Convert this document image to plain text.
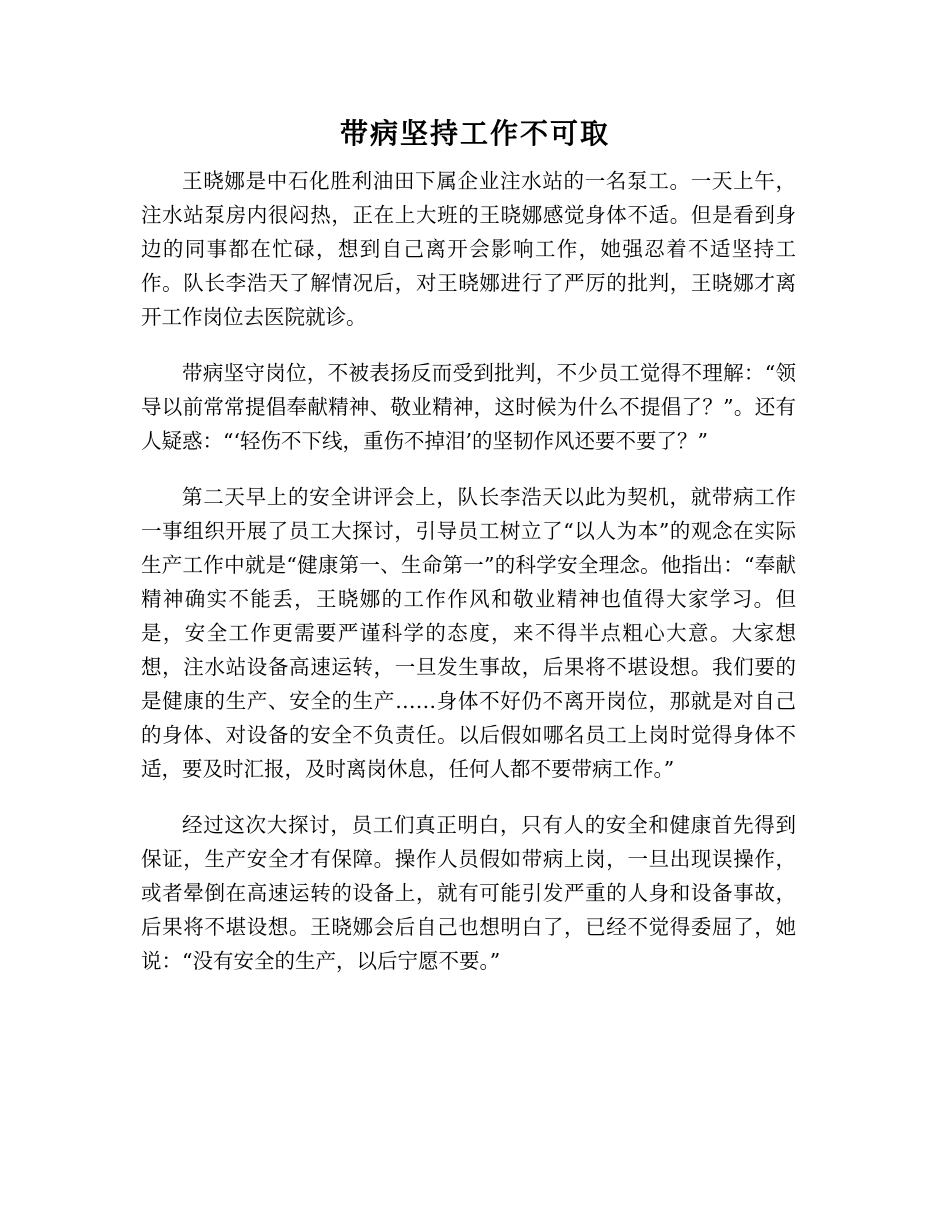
带病坚持工作不可取

王晓娜是中石化胜利油田下属企业注水站的一名泵工。一天上午，注水站泵房内很闷热，正在上大班的王晓娜感觉身体不适。但是看到身边的同事都在忙碌，想到自己离开会影响工作，她强忍着不适坚持工作。队长李浩天了解情况后，对王晓娜进行了严厉的批判，王晓娜才离开工作岗位去医院就诊。

带病坚守岗位，不被表扬反而受到批判，不少员工觉得不理解：“领导以前常常提倡奉献精神、敬业精神，这时候为什么不提倡了？”。还有人疑惑：“‘轻伤不下线，重伤不掉泪’的坚韧作风还要不要了？”

第二天早上的安全讲评会上，队长李浩天以此为契机，就带病工作一事组织开展了员工大探讨，引导员工树立了“以人为本”的观念在实际生产工作中就是“健康第一、生命第一”的科学安全理念。他指出：“奉献精神确实不能丢，王晓娜的工作作风和敬业精神也值得大家学习。但是，安全工作更需要严谨科学的态度，来不得半点粗心大意。大家想想，注水站设备高速运转，一旦发生事故，后果将不堪设想。我们要的是健康的生产、安全的生产……身体不好仍不离开岗位，那就是对自己的身体、对设备的安全不负责任。以后假如哪名员工上岗时觉得身体不适，要及时汇报，及时离岗休息，任何人都不要带病工作。”

经过这次大探讨，员工们真正明白，只有人的安全和健康首先得到保证，生产安全才有保障。操作人员假如带病上岗，一旦出现误操作，或者晕倒在高速运转的设备上，就有可能引发严重的人身和设备事故，后果将不堪设想。王晓娜会后自己也想明白了，已经不觉得委屈了，她说：“没有安全的生产，以后宁愿不要。”
